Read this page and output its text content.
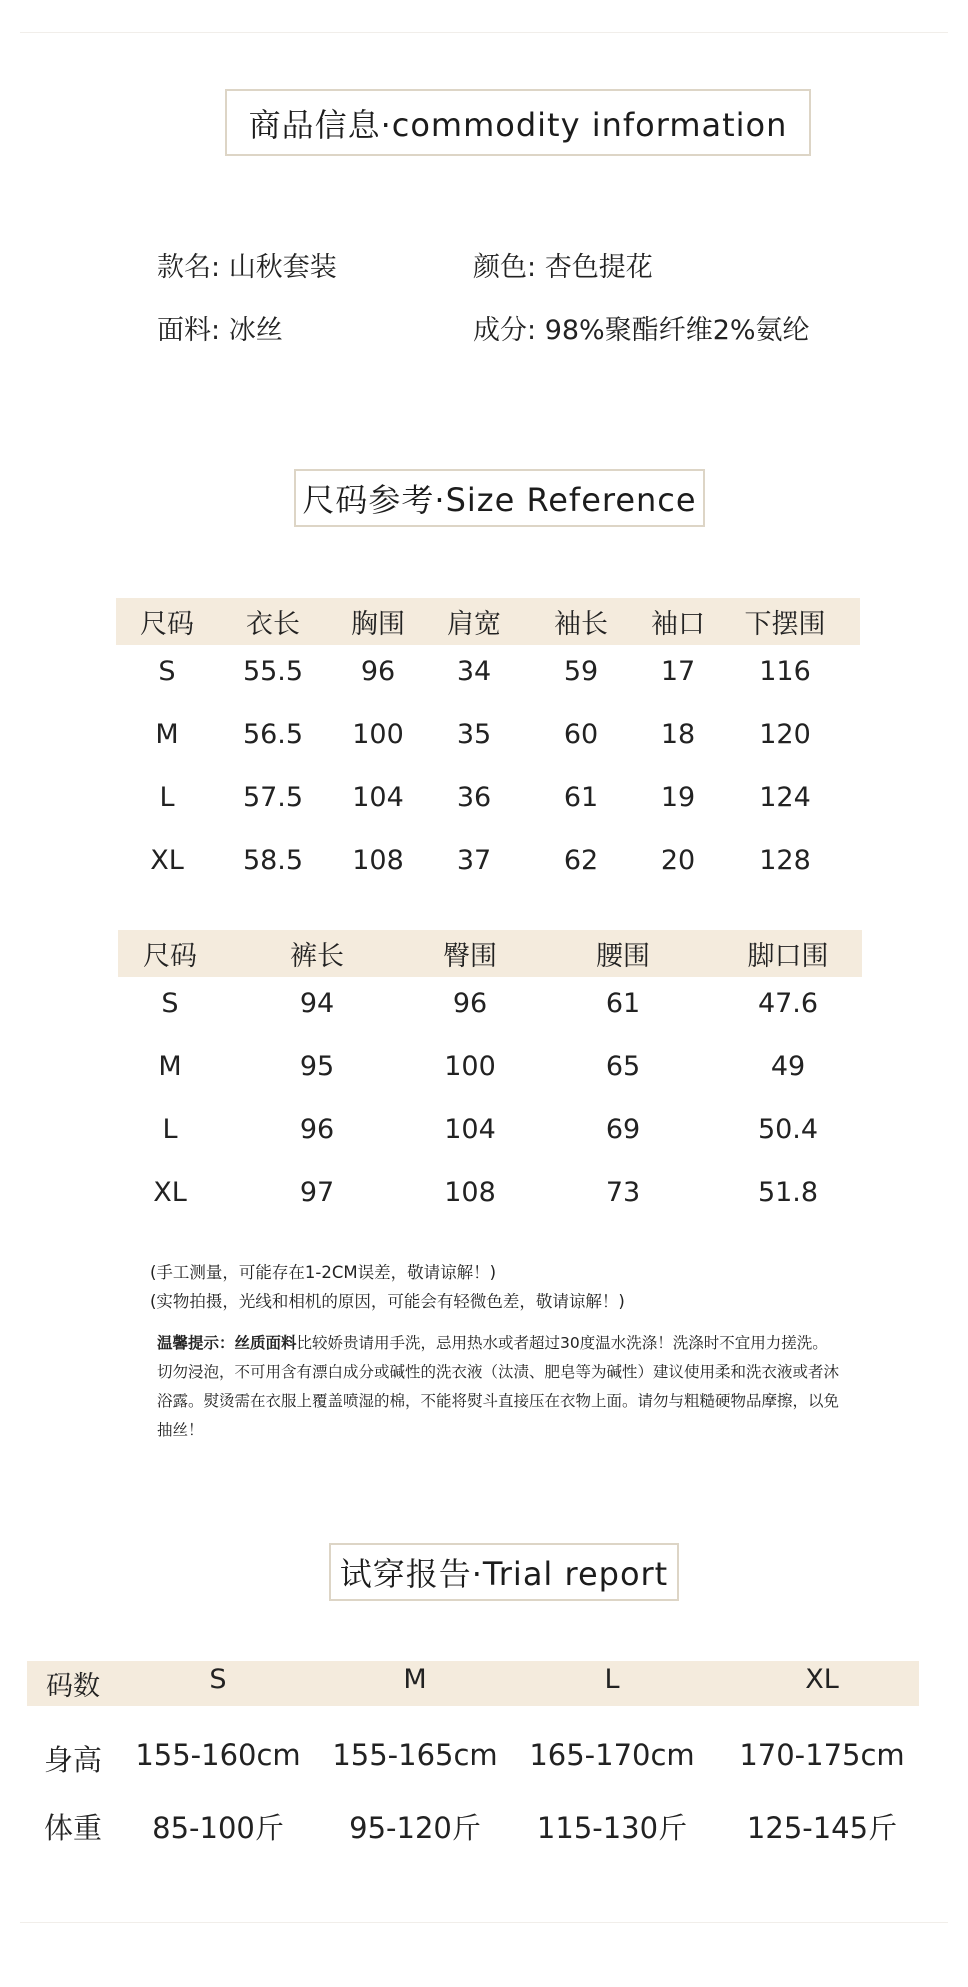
商品信息·commodity information
款名: 山秋套装	颜色: 杏色提花
面料: 冰丝	成分: 98%聚酯纤维2%氨纶
尺码参考·Size Reference
尺码 衣长 胸围 肩宽 袖长 袖口 下摆围
S 55.5 96 34	59 17 116
M 56.5 100 35	60 18 120
L	57.5 104 36	61 19 124
XL 58.5 108 37	62 20 128
尺码	裤长	臀围	腰围	脚口围
S	94	96	61	47.6
M	95	100	65	49
L	96	104	69	50.4
XL	97	108	73	51.8
(手工测量，可能存在1-2CM误差，敬请谅解！)
(实物拍摄，光线和相机的原因，可能会有轻微色差，敬请谅解！)
温馨提示：丝质面料比较娇贵请用手洗，忌用热水或者超过30度温水洗涤！洗涤时不宜用力搓洗。切勿浸泡，不可用含有漂白成分或碱性的洗衣液（汰渍、肥皂等为碱性）建议使用柔和洗衣液或者沐浴露。熨烫需在衣服上覆盖喷湿的棉，不能将熨斗直接压在衣物上面。请勿与粗糙硬物品摩擦，以免抽丝！
试穿报告·Trial report
码数	S	M	L	XL
身高 155-160cm 155-165cm 165-170cm 170-175cm
体重 85-100斤 95-120斤 115-130斤 125-145斤
